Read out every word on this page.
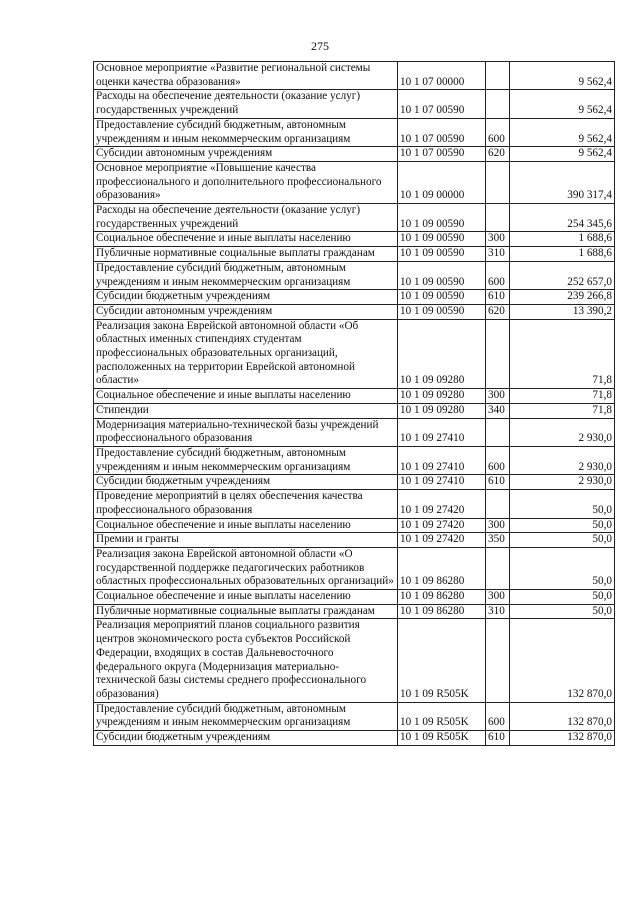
275
Основное мероприятие «Развитие региональной системы оценки качества образования»	10 1 07 00000		9 562,4
Расходы на обеспечение деятельности (оказание услуг) государственных учреждений	10 1 07 00590		9 562,4
Предоставление субсидий бюджетным, автономным учреждениям и иным некоммерческим организациям	10 1 07 00590	600	9 562,4
Субсидии автономным учреждениям	10 1 07 00590	620	9 562,4
Основное мероприятие «Повышение качества профессионального и дополнительного профессионального образования»	10 1 09 00000		390 317,4
Расходы на обеспечение деятельности (оказание услуг) государственных учреждений	10 1 09 00590		254 345,6
Социальное обеспечение и иные выплаты населению	10 1 09 00590	300	1 688,6
Публичные нормативные социальные выплаты гражданам	10 1 09 00590	310	1 688,6
Предоставление субсидий бюджетным, автономным учреждениям и иным некоммерческим организациям	10 1 09 00590	600	252 657,0
Субсидии бюджетным учреждениям	10 1 09 00590	610	239 266,8
Субсидии автономным учреждениям	10 1 09 00590	620	13 390,2
Реализация закона Еврейской автономной области «Об областных именных стипендиях студентам профессиональных образовательных организаций, расположенных на территории Еврейской автономной области»	10 1 09 09280		71,8
Социальное обеспечение и иные выплаты населению	10 1 09 09280	300	71,8
Стипендии	10 1 09 09280	340	71,8
Модернизация материально-технической базы учреждений профессионального образования	10 1 09 27410		2 930,0
Предоставление субсидий бюджетным, автономным учреждениям и иным некоммерческим организациям	10 1 09 27410	600	2 930,0
Субсидии бюджетным учреждениям	10 1 09 27410	610	2 930,0
Проведение мероприятий в целях обеспечения качества профессионального образования	10 1 09 27420		50,0
Социальное обеспечение и иные выплаты населению	10 1 09 27420	300	50,0
Премии и гранты	10 1 09 27420	350	50,0
Реализация закона Еврейской автономной области «О государственной поддержке педагогических работников областных профессиональных образовательных организаций»	10 1 09 86280		50,0
Социальное обеспечение и иные выплаты населению	10 1 09 86280	300	50,0
Публичные нормативные социальные выплаты гражданам	10 1 09 86280	310	50,0
Реализация мероприятий планов социального развития центров экономического роста субъектов Российской Федерации, входящих в состав Дальневосточного федерального округа (Модернизация материально-технической базы системы среднего профессионального образования)	10 1 09 R505K		132 870,0
Предоставление субсидий бюджетным, автономным учреждениям и иным некоммерческим организациям	10 1 09 R505K	600	132 870,0
Субсидии бюджетным учреждениям	10 1 09 R505K	610	132 870,0
